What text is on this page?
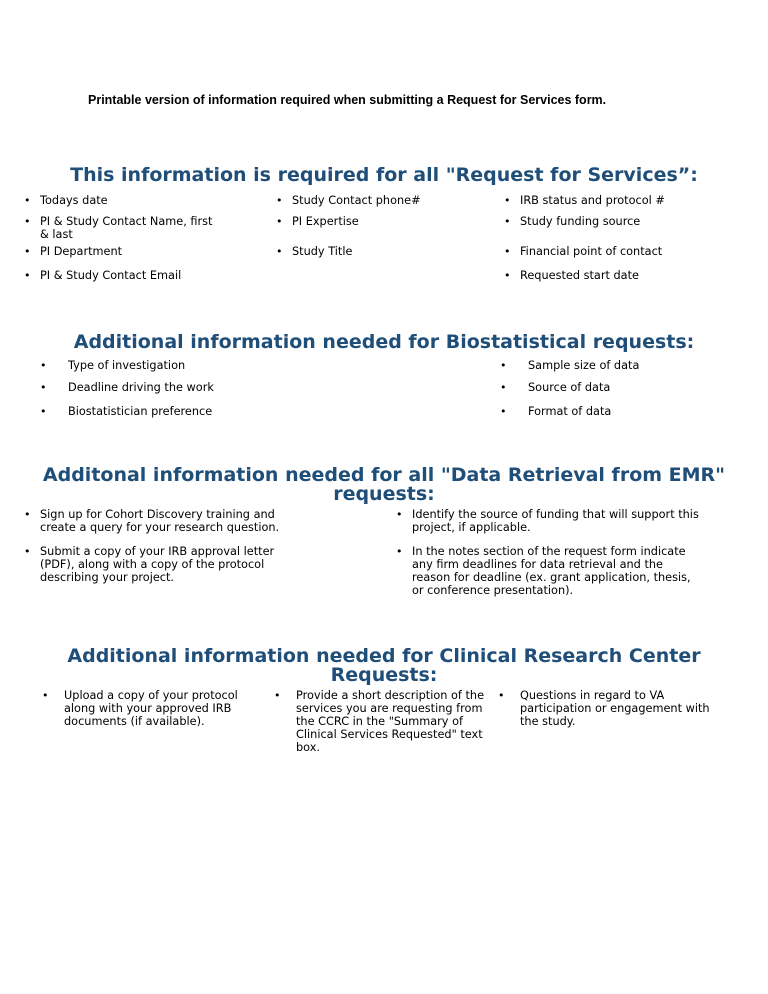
Printable version of information required when submitting a Request for Services form.
This information is required for all "Request for Services”:
• Todays date	• Study Contact phone#	• IRB status and protocol #
• PI & Study Contact Name, first & last
• PI Expertise	• Study funding source
• PI Department	• Study Title	• Financial point of contact
• PI & Study Contact Email	• Requested start date
Additional information needed for Biostatistical requests:
• Type of investigation	• Sample size of data
• Deadline driving the work	• Source of data
• Biostatistician preference	• Format of data
Additonal information needed for all "Data Retrieval from EMR"
requests:
• Sign up for Cohort Discovery training and create a query for your research question.
• Identify the source of funding that will support this project, if applicable.
• Submit a copy of your IRB approval letter (PDF), along with a copy of the protocol describing your project.
• In the notes section of the request form indicate any firm deadlines for data retrieval and the reason for deadline (ex. grant application, thesis, or conference presentation).
Additional information needed for Clinical Research Center
Requests:
• Upload a copy of your protocol along with your approved IRB documents (if available).
• Provide a short description of the services you are requesting from the CCRC in the "Summary of Clinical Services Requested" text box.
• Questions in regard to VA participation or engagement with the study.
